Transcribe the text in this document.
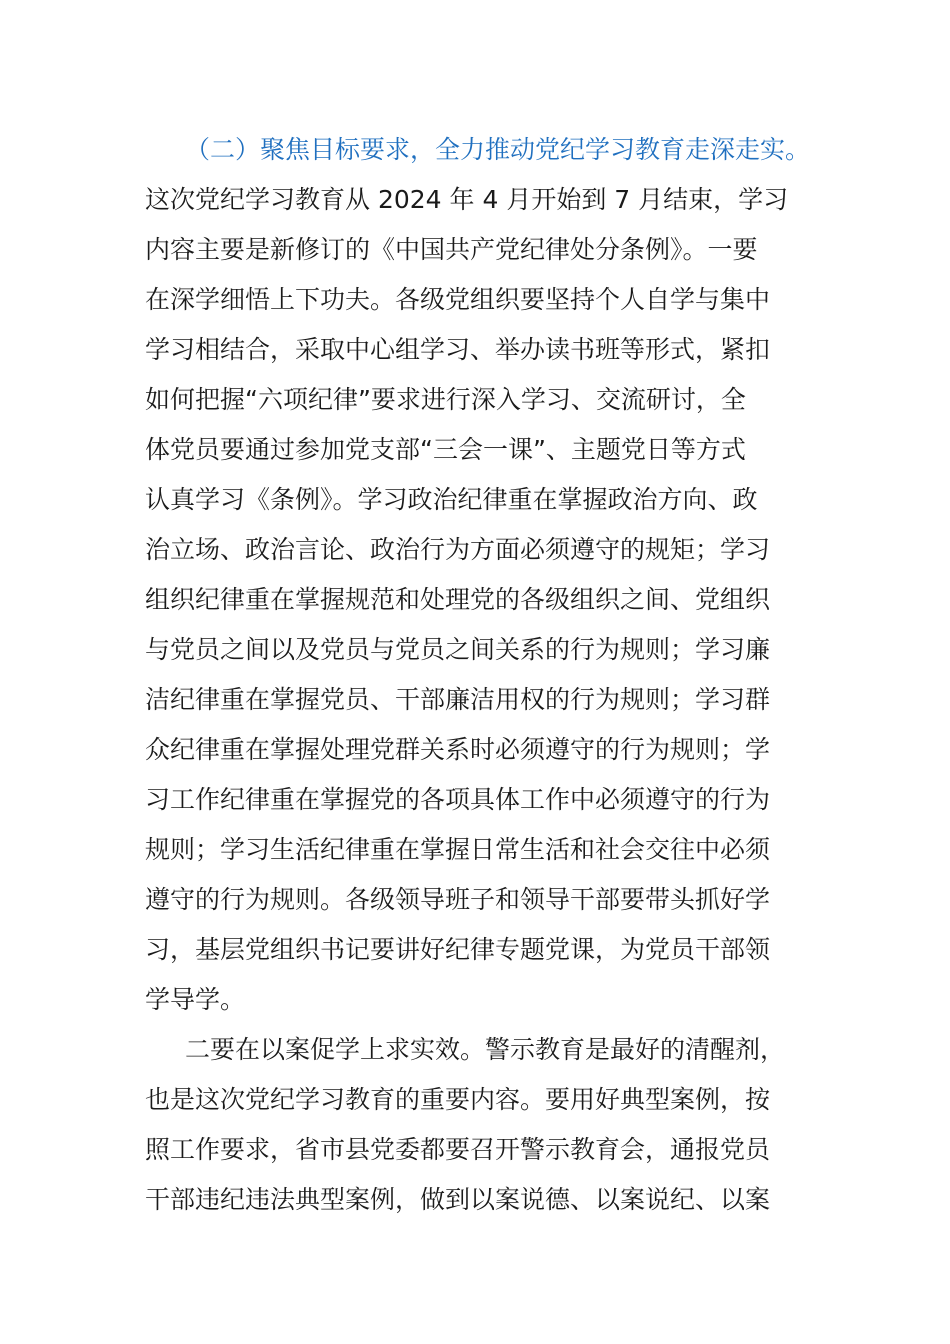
（二）聚焦目标要求，全力推动党纪学习教育走深走实。
这次党纪学习教育从 2024 年 4 月开始到 7 月结束，学习
内容主要是新修订的《中国共产党纪律处分条例》。一要
在深学细悟上下功夫。各级党组织要坚持个人自学与集中
学习相结合，采取中心组学习、举办读书班等形式，紧扣
如何把握“六项纪律”要求进行深入学习、交流研讨，全
体党员要通过参加党支部“三会一课”、主题党日等方式
认真学习《条例》。学习政治纪律重在掌握政治方向、政
治立场、政治言论、政治行为方面必须遵守的规矩；学习
组织纪律重在掌握规范和处理党的各级组织之间、党组织
与党员之间以及党员与党员之间关系的行为规则；学习廉
洁纪律重在掌握党员、干部廉洁用权的行为规则；学习群
众纪律重在掌握处理党群关系时必须遵守的行为规则；学
习工作纪律重在掌握党的各项具体工作中必须遵守的行为
规则；学习生活纪律重在掌握日常生活和社会交往中必须
遵守的行为规则。各级领导班子和领导干部要带头抓好学
习，基层党组织书记要讲好纪律专题党课，为党员干部领
学导学。
二要在以案促学上求实效。警示教育是最好的清醒剂，
也是这次党纪学习教育的重要内容。要用好典型案例，按
照工作要求，省市县党委都要召开警示教育会，通报党员
干部违纪违法典型案例，做到以案说德、以案说纪、以案
